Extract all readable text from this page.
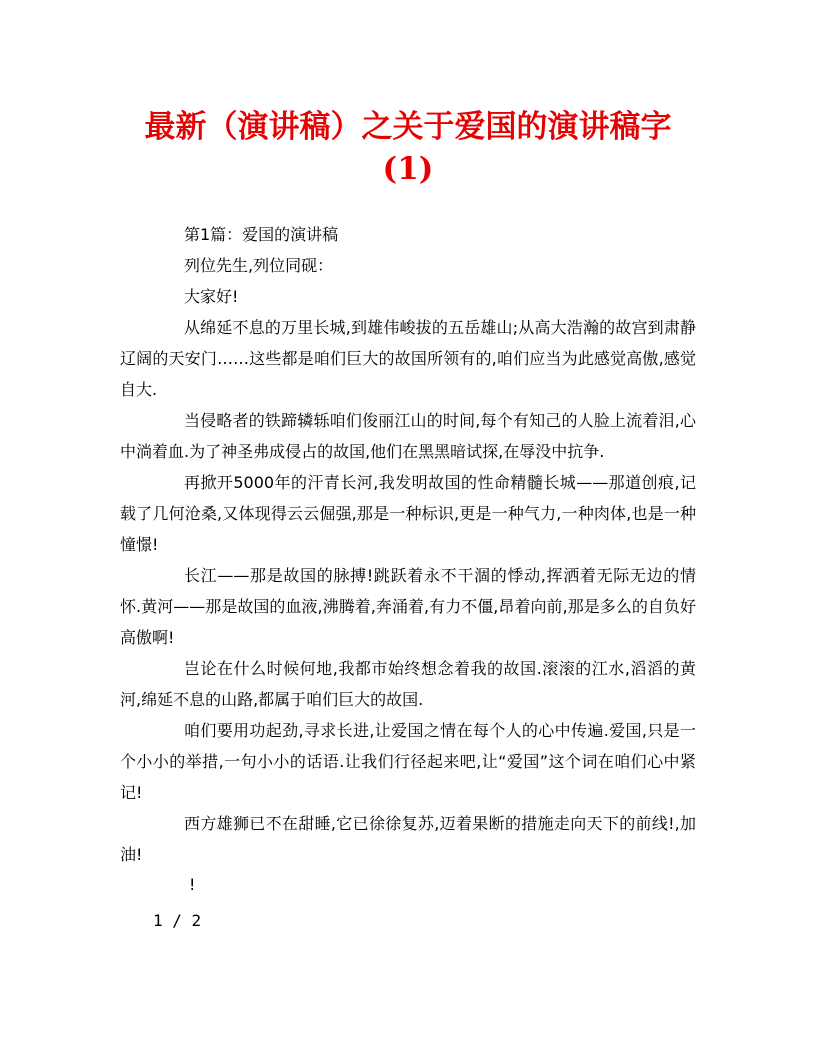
最新（演讲稿）之关于爱国的演讲稿字
(1)

第1篇：爱国的演讲稿

列位先生,列位同砚：

大家好!

从绵延不息的万里长城,到雄伟峻拔的五岳雄山;从高大浩瀚的故宫到肃静辽阔的天安门……这些都是咱们巨大的故国所领有的,咱们应当为此感觉高傲,感觉自大.

当侵略者的铁蹄辚轹咱们俊丽江山的时间,每个有知己的人脸上流着泪,心中淌着血.为了神圣弗成侵占的故国,他们在黑黑暗试探,在辱没中抗争.

再掀开5000年的汗青长河,我发明故国的性命精髓长城——那道创痕,记载了几何沧桑,又体现得云云倔强,那是一种标识,更是一种气力,一种肉体,也是一种憧憬!

长江——那是故国的脉搏!跳跃着永不干涸的悸动,挥洒着无际无边的情怀.黄河——那是故国的血液,沸腾着,奔涌着,有力不僵,昂着向前,那是多么的自负好高傲啊!

岂论在什么时候何地,我都市始终想念着我的故国.滚滚的江水,滔滔的黄河,绵延不息的山路,都属于咱们巨大的故国.

咱们要用功起劲,寻求长进,让爱国之情在每个人的心中传遍.爱国,只是一个小小的举措,一句小小的话语.让我们行径起来吧,让“爱国”这个词在咱们心中紧记!

西方雄狮已不在甜睡,它已徐徐复苏,迈着果断的措施走向天下的前线!,加油!

!
1 / 2
